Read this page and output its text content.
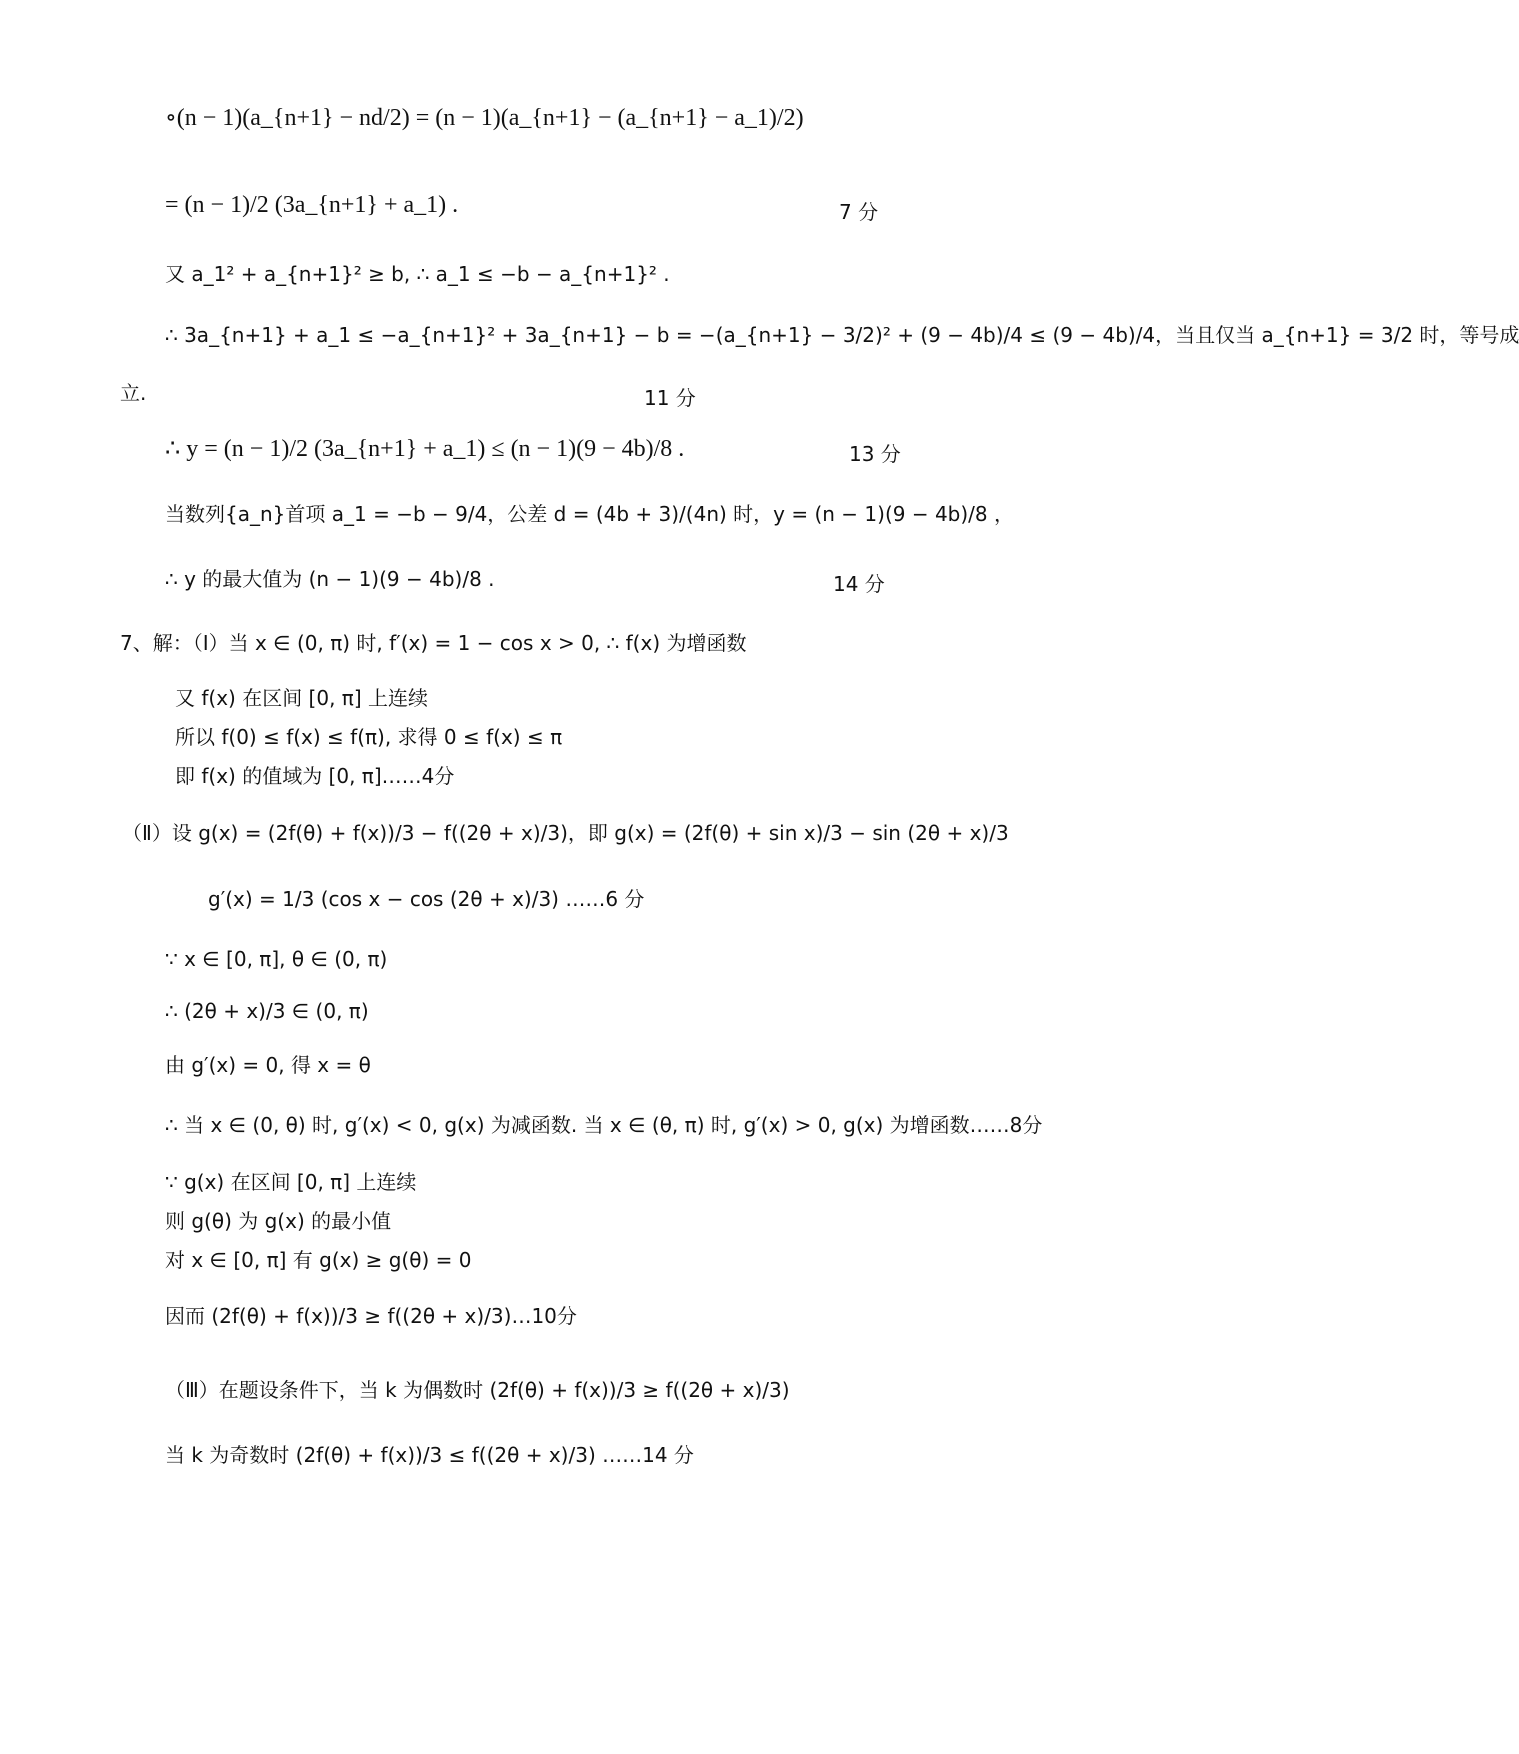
∘(n − 1)(a_{n+1} − nd/2) = (n − 1)(a_{n+1} − (a_{n+1} − a_1)/2)
= (n − 1)/2 (3a_{n+1} + a_1) .	7 分
又 a_1² + a_{n+1}² ≥ b, ∴ a_1 ≤ −b − a_{n+1}² .
∴ 3a_{n+1} + a_1 ≤ −a_{n+1}² + 3a_{n+1} − b = −(a_{n+1} − 3/2)² + (9 − 4b)/4 ≤ (9 − 4b)/4，当且仅当 a_{n+1} = 3/2 时，等号成
立.	11 分
∴ y = (n − 1)/2 (3a_{n+1} + a_1) ≤ (n − 1)(9 − 4b)/8 .	13 分
当数列{a_n}首项 a_1 = −b − 9/4，公差 d = (4b + 3)/(4n) 时，y = (n − 1)(9 − 4b)/8 ，
∴ y 的最大值为 (n − 1)(9 − 4b)/8 .	14 分
7、解：（Ⅰ）当 x ∈ (0, π) 时, f′(x) = 1 − cos x > 0, ∴ f(x) 为增函数
又 f(x) 在区间 [0, π] 上连续
所以 f(0) ≤ f(x) ≤ f(π), 求得 0 ≤ f(x) ≤ π
即 f(x) 的值域为 [0, π]……4分
（Ⅱ）设 g(x) = (2f(θ) + f(x))/3 − f((2θ + x)/3)，即 g(x) = (2f(θ) + sin x)/3 − sin (2θ + x)/3
g′(x) = 1/3 (cos x − cos (2θ + x)/3) ……6 分
∵ x ∈ [0, π], θ ∈ (0, π)
∴ (2θ + x)/3 ∈ (0, π)
由 g′(x) = 0, 得 x = θ
∴ 当 x ∈ (0, θ) 时, g′(x) < 0, g(x) 为减函数. 当 x ∈ (θ, π) 时, g′(x) > 0, g(x) 为增函数……8分
∵ g(x) 在区间 [0, π] 上连续
则 g(θ) 为 g(x) 的最小值
对 x ∈ [0, π] 有 g(x) ≥ g(θ) = 0
因而 (2f(θ) + f(x))/3 ≥ f((2θ + x)/3)…10分
（Ⅲ）在题设条件下，当 k 为偶数时 (2f(θ) + f(x))/3 ≥ f((2θ + x)/3)
当 k 为奇数时 (2f(θ) + f(x))/3 ≤ f((2θ + x)/3) ……14 分
